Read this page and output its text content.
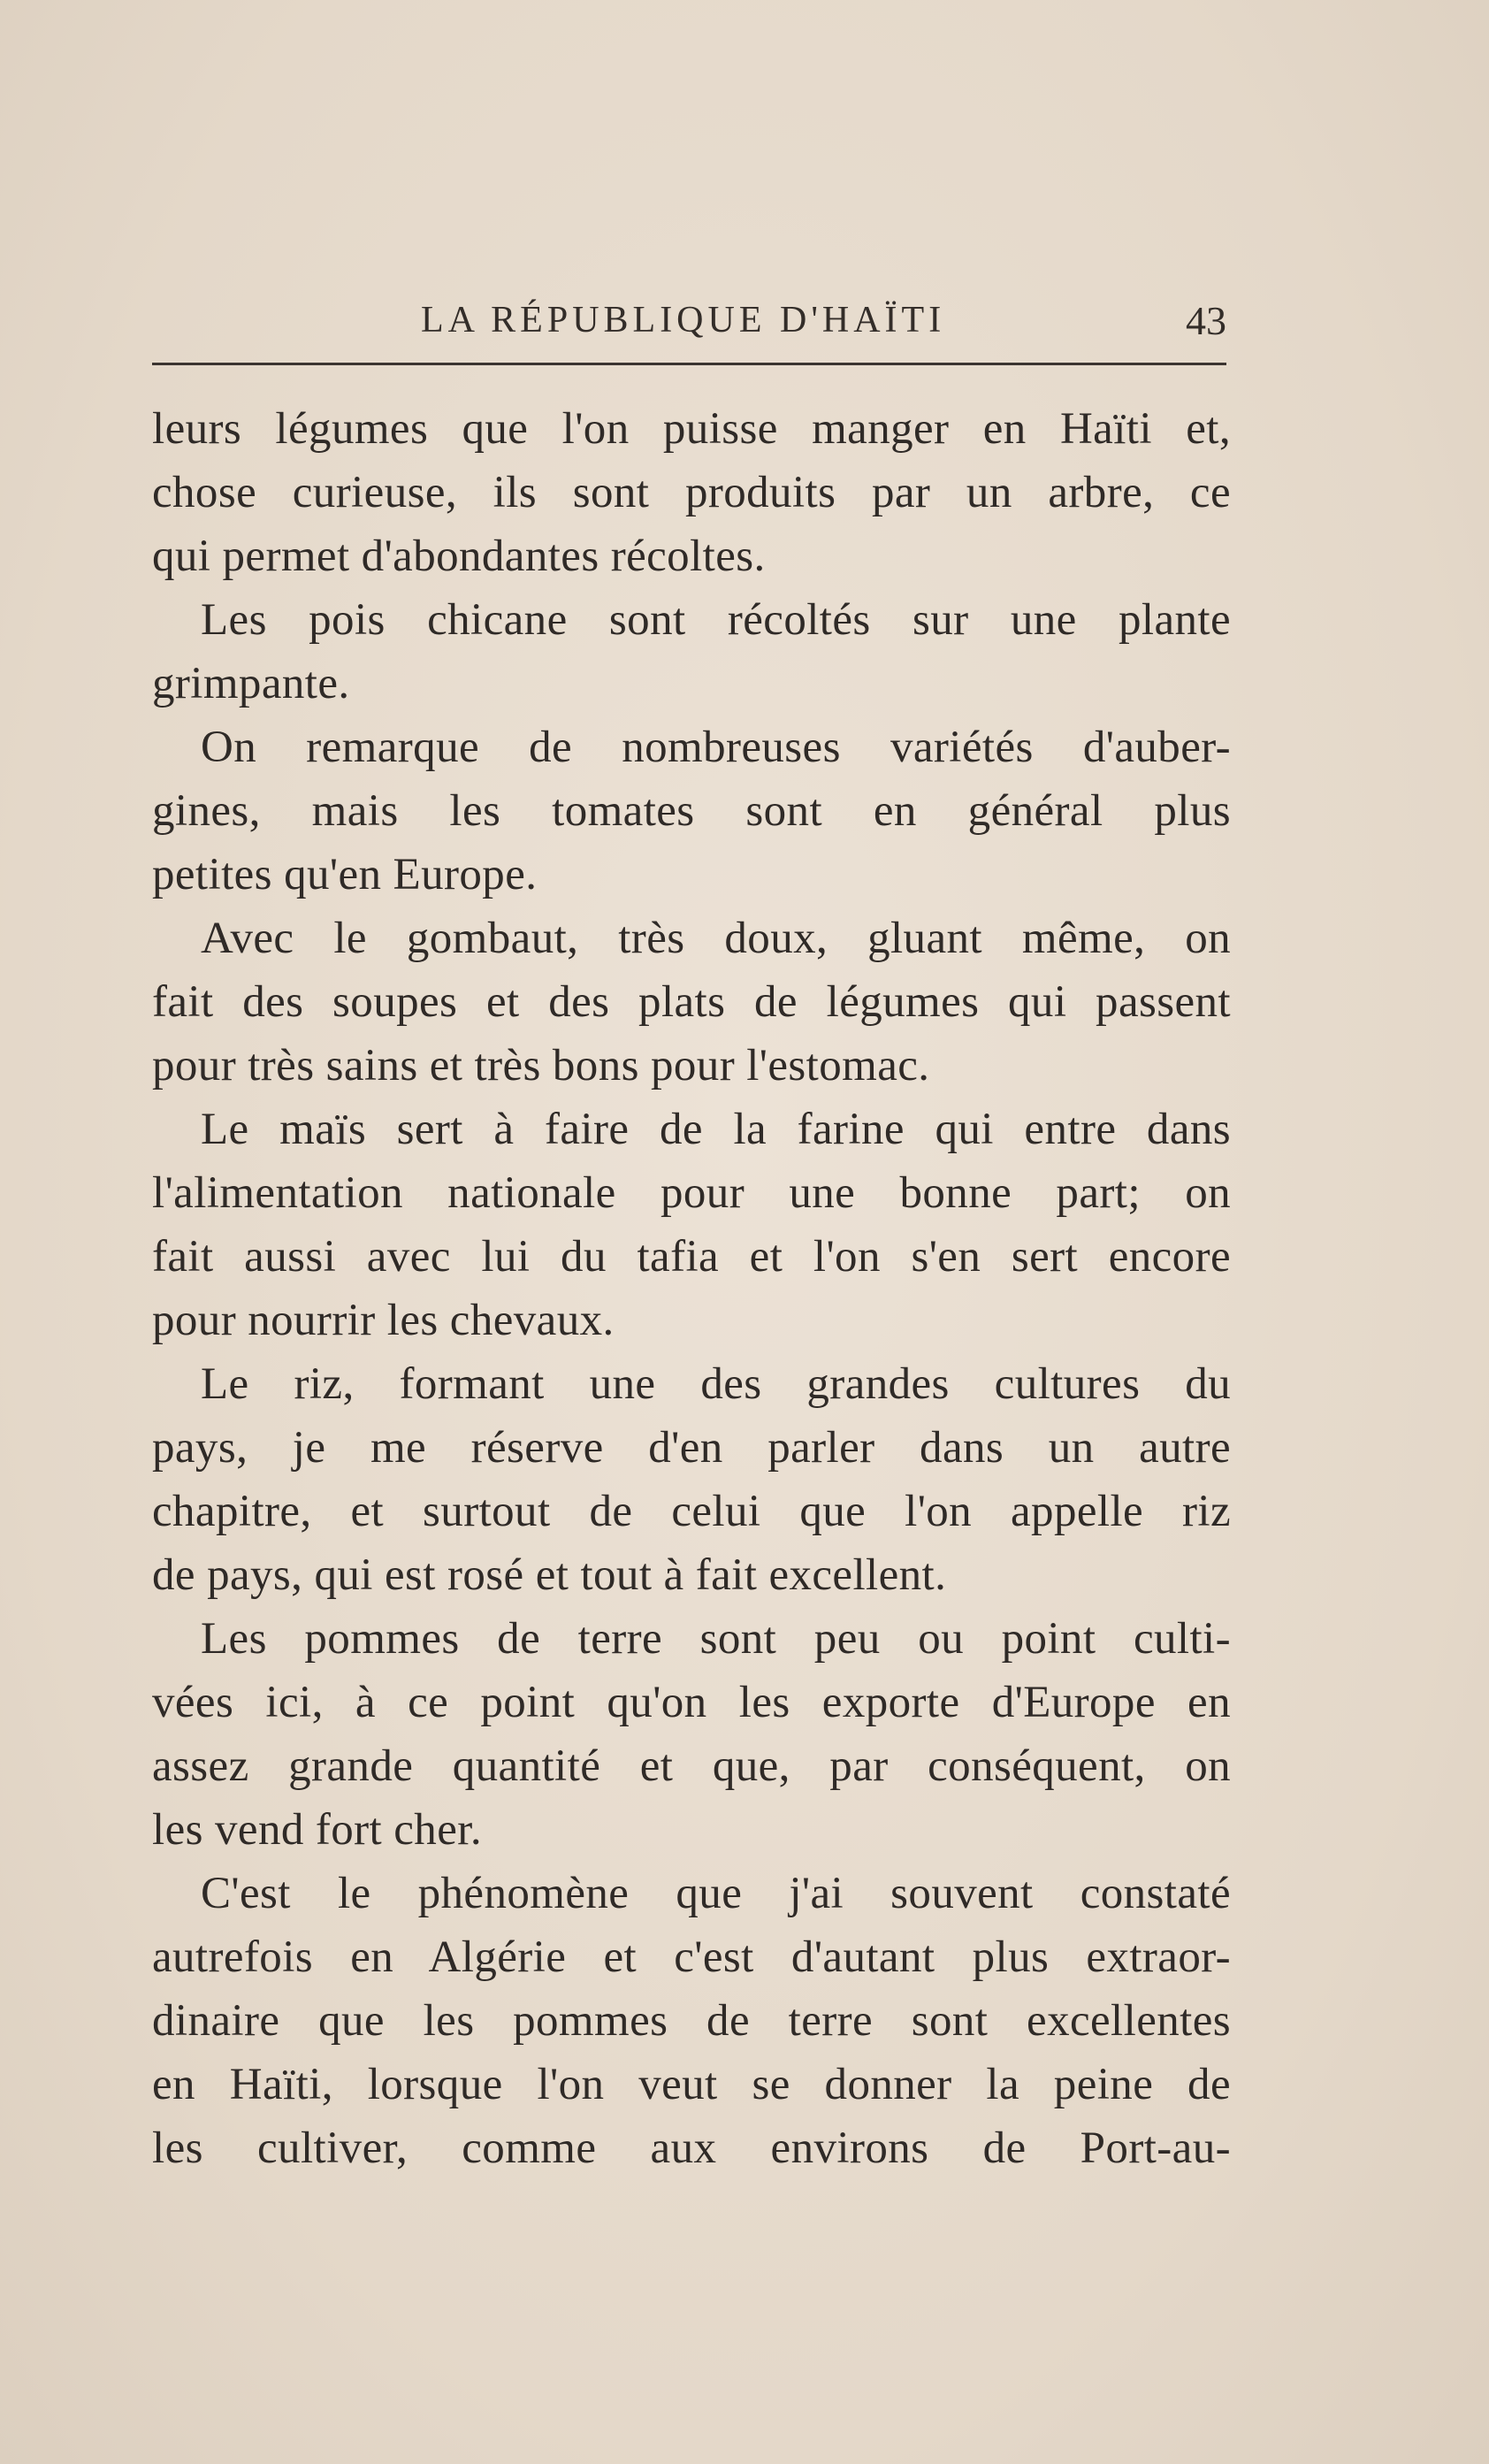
LA RÉPUBLIQUE D'HAÏTI	43
leurs légumes que l'on puisse manger en Haïti et,
chose curieuse, ils sont produits par un arbre, ce
qui permet d'abondantes récoltes.
Les pois chicane sont récoltés sur une plante
grimpante.
On remarque de nombreuses variétés d'auber-
gines, mais les tomates sont en général plus
petites qu'en Europe.
Avec le gombaut, très doux, gluant même, on
fait des soupes et des plats de légumes qui passent
pour très sains et très bons pour l'estomac.
Le maïs sert à faire de la farine qui entre dans
l'alimentation nationale pour une bonne part; on
fait aussi avec lui du tafia et l'on s'en sert encore
pour nourrir les chevaux.
Le riz, formant une des grandes cultures du
pays, je me réserve d'en parler dans un autre
chapitre, et surtout de celui que l'on appelle riz
de pays, qui est rosé et tout à fait excellent.
Les pommes de terre sont peu ou point culti-
vées ici, à ce point qu'on les exporte d'Europe en
assez grande quantité et que, par conséquent, on
les vend fort cher.
C'est le phénomène que j'ai souvent constaté
autrefois en Algérie et c'est d'autant plus extraor-
dinaire que les pommes de terre sont excellentes
en Haïti, lorsque l'on veut se donner la peine de
les cultiver, comme aux environs de Port-au-
